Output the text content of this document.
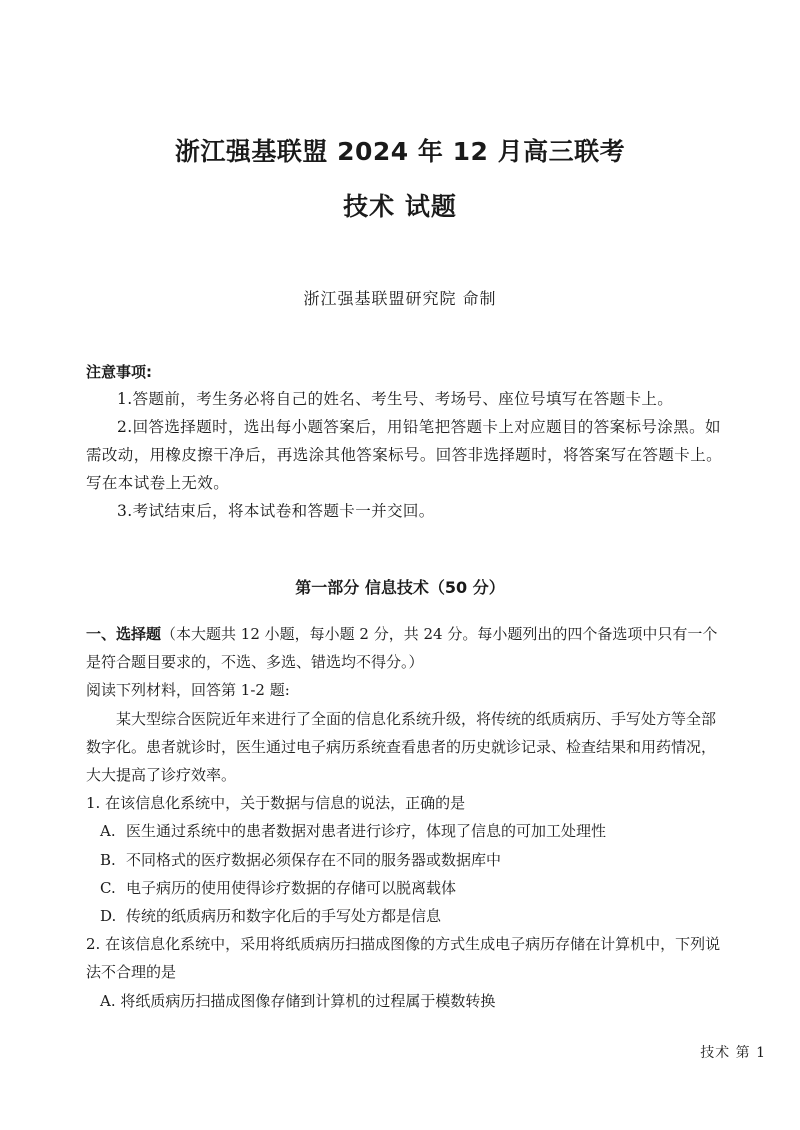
浙江强基联盟 2024 年 12 月高三联考
技术 试题
浙江强基联盟研究院 命制
注意事项:

1.答题前，考生务必将自己的姓名、考生号、考场号、座位号填写在答题卡上。

2.回答选择题时，选出每小题答案后，用铅笔把答题卡上对应题目的答案标号涂黑。如需改动，用橡皮擦干净后，再选涂其他答案标号。回答非选择题时，将答案写在答题卡上。写在本试卷上无效。

3.考试结束后，将本试卷和答题卡一并交回。

第一部分 信息技术（50 分）

一、选择题（本大题共 12 小题，每小题 2 分，共 24 分。每小题列出的四个备选项中只有一个是符合题目要求的，不选、多选、错选均不得分。）

阅读下列材料，回答第 1-2 题:

某大型综合医院近年来进行了全面的信息化系统升级，将传统的纸质病历、手写处方等全部数字化。患者就诊时，医生通过电子病历系统查看患者的历史就诊记录、检查结果和用药情况，大大提高了诊疗效率。

1. 在该信息化系统中，关于数据与信息的说法，正确的是

A. 医生通过系统中的患者数据对患者进行诊疗，体现了信息的可加工处理性

B. 不同格式的医疗数据必须保存在不同的服务器或数据库中

C. 电子病历的使用使得诊疗数据的存储可以脱离载体

D. 传统的纸质病历和数字化后的手写处方都是信息

2. 在该信息化系统中，采用将纸质病历扫描成图像的方式生成电子病历存储在计算机中，下列说法不合理的是

A. 将纸质病历扫描成图像存储到计算机的过程属于模数转换

技术 第 1
